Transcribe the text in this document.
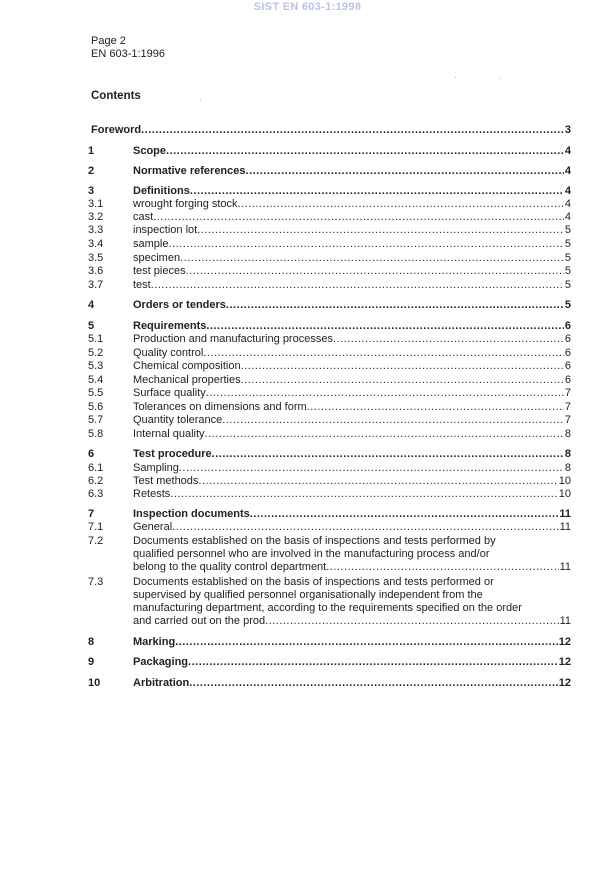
SIST EN 603-1:1998
Page 2
EN 603-1:1996
Contents
Foreword .....	3
1	Scope .....	4
2	Normative references .....	4
3	Definitions .....	4
3.1	wrought forging stock .....	4
3.2	cast .....	4
3.3	inspection lot .....	5
3.4	sample .....	5
3.5	specimen .....	5
3.6	test pieces .....	5
3.7	test .....	5
4	Orders or tenders .....	5
5	Requirements .....	6
5.1	Production and manufacturing processes .....	6
5.2	Quality control .....	6
5.3	Chemical composition .....	6
5.4	Mechanical properties .....	6
5.5	Surface quality .....	7
5.6	Tolerances on dimensions and form .....	7
5.7	Quantity tolerance .....	7
5.8	Internal quality .....	8
6	Test procedure .....	8
6.1	Sampling .....	8
6.2	Test methods .....	10
6.3	Retests .....	10
7	Inspection documents .....	11
7.1	General .....	11
7.2	Documents established on the basis of inspections and tests performed by
qualified personnel who are involved in the manufacturing process and/or
belong to the quality control department .....	11
7.3	Documents established on the basis of inspections and tests performed or
supervised by qualified personnel organisationally independent from the
manufacturing department, according to the requirements specified on the order
and carried out on the prod .....	11
8	Marking .....	12
9	Packaging .....	12
10	Arbitration .....	12
